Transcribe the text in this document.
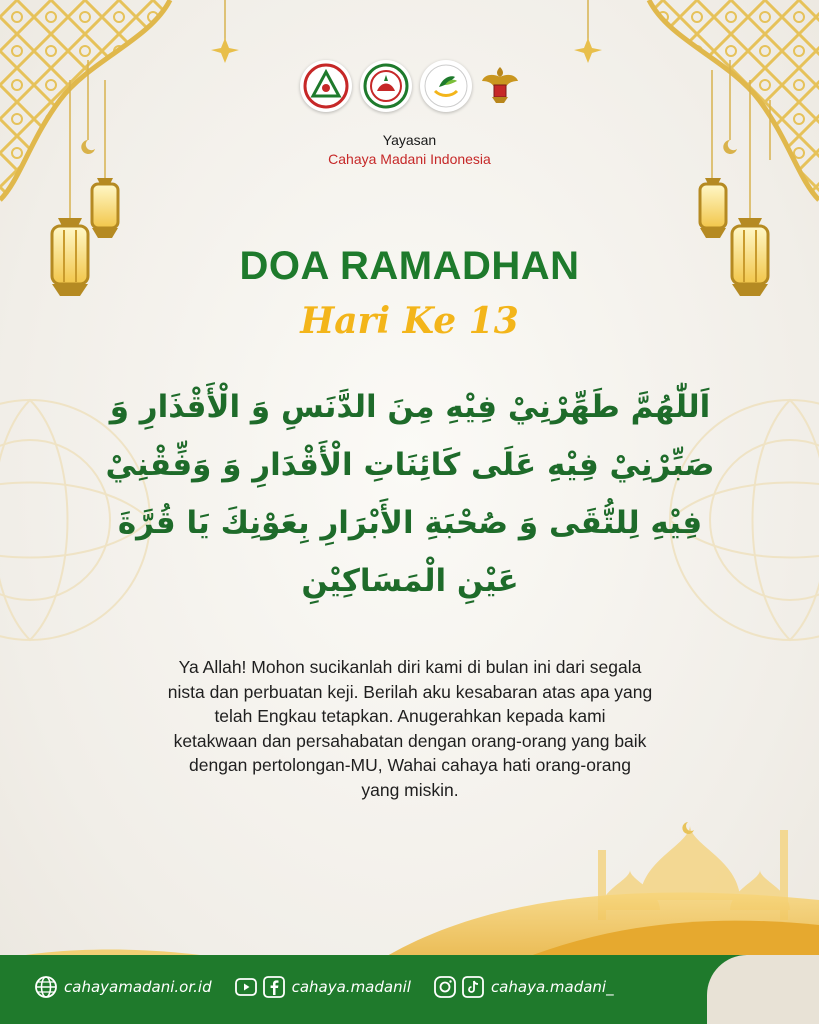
Yayasan
Cahaya Madani Indonesia
DOA RAMADHAN
Hari Ke 13
اَللّٰهُمَّ طَهِّرْنِيْ فِيْهِ مِنَ الدَّنَسِ وَ الْأَقْذَارِ وَ
صَبِّرْنِيْ فِيْهِ عَلَى كَائِنَاتِ الْأَقْدَارِ وَ وَفِّقْنِيْ
فِيْهِ لِلتُّقَى وَ صُحْبَةِ الأَبْرَارِ بِعَوْنِكَ يَا قُرَّةَ
عَيْنِ الْمَسَاكِيْنِ
Ya Allah! Mohon sucikanlah diri kami di bulan ini dari segala
nista dan perbuatan keji. Berilah aku kesabaran atas apa yang
telah Engkau tetapkan. Anugerahkan kepada kami
ketakwaan dan persahabatan dengan orang-orang yang baik
dengan pertolongan-MU, Wahai cahaya hati orang-orang
yang miskin.
cahayamadani.or.id	cahaya.madanil	cahaya.madani_
